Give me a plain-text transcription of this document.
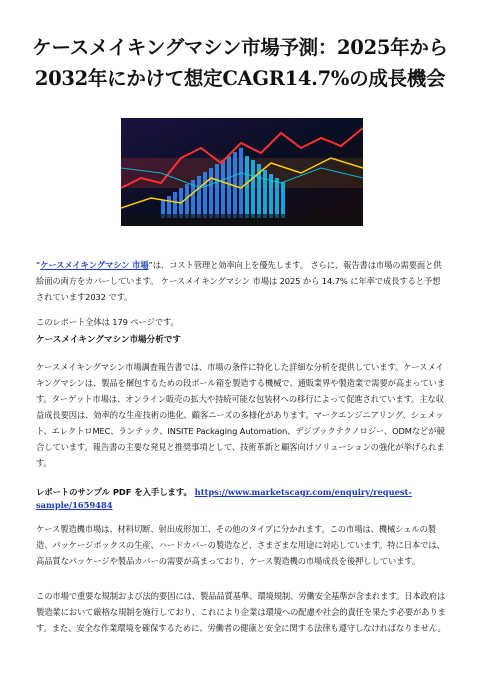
ケースメイキングマシン市場予測：2025年から2032年にかけて想定CAGR14.7%の成長機会

“ケースメイキングマシン 市場”は、コスト管理と効率向上を優先します。 さらに、報告書は市場の需要面と供給面の両方をカバーしています。 ケースメイキングマシン 市場は 2025 から 14.7% に年率で成長すると予想されています2032 です。

このレポート全体は 179 ページです。

ケースメイキングマシン市場分析です

ケースメイキングマシン市場調査報告書では、市場の条件に特化した詳細な分析を提供しています。ケースメイキングマシンは、製品を梱包するための段ボール箱を製造する機械で、通販業界や製造業で需要が高まっています。ターゲット市場は、オンライン販売の拡大や持続可能な包装材への移行によって促進されています。主な収益成長要因は、効率的な生産技術の進化、顧客ニーズの多様化があります。マークエンジニアリング、シュメット、エレクトロMEC、ランテック、INSITE Packaging Automation、デジブックテクノロジー、ODMなどが競合しています。報告書の主要な発見と推奨事項として、技術革新と顧客向けソリューションの強化が挙げられます。

レポートのサンプル PDF を入手します。 https://www.marketscagr.com/enquiry/request-sample/1659484

ケース製造機市場は、材料切断、射出成形加工、その他のタイプに分かれます。この市場は、機械シェルの製造、パッケージボックスの生産、ハードカバーの製造など、さまざまな用途に対応しています。特に日本では、高品質なパッケージや製品カバーの需要が高まっており、ケース製造機の市場成長を後押ししています。

この市場で重要な規制および法的要因には、製品品質基準、環境規制、労働安全基準が含まれます。日本政府は製造業において厳格な規制を施行しており、これにより企業は環境への配慮や社会的責任を果たす必要があります。また、安全な作業環境を確保するために、労働者の健康と安全に関する法律も遵守しなければなりません。
